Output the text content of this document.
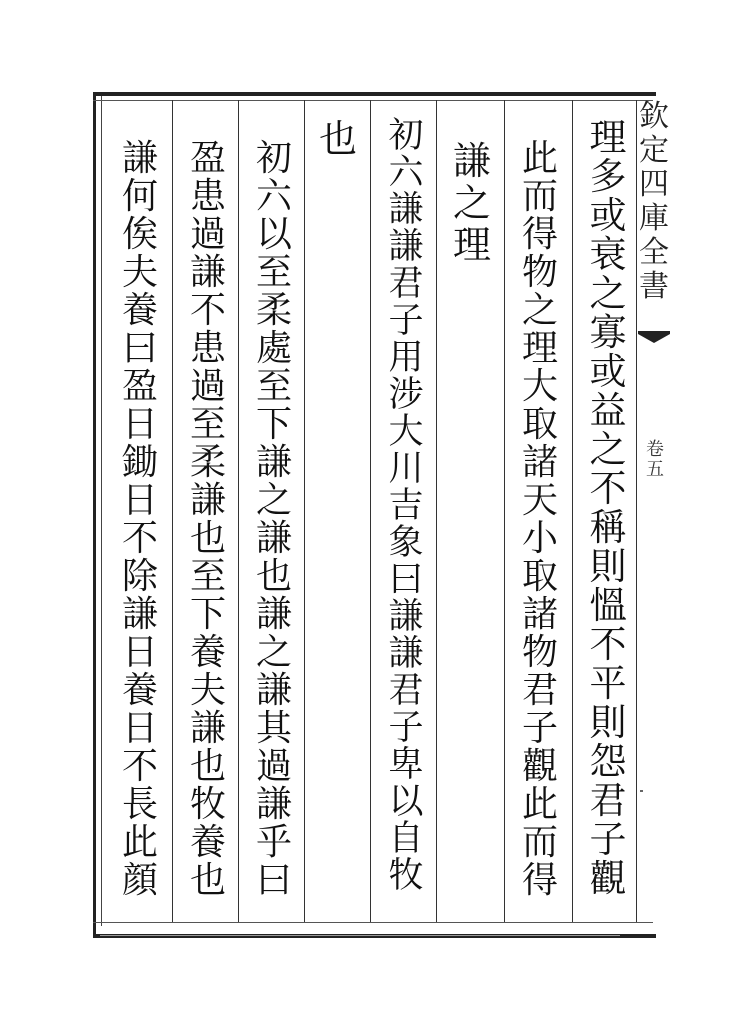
欽
定
四
庫
全
書
卷
五
理
多
或
衰
之
寡
或
益
之
不
稱
則
慍
不
平
則
怨
君
子
觀
此
而
得
物
之
理
大
取
諸
天
小
取
諸
物
君
子
觀
此
而
得
謙
之
理
初
六
謙
謙
君
子
用
涉
大
川
吉
象
曰
謙
謙
君
子
卑
以
自
牧
也
初
六
以
至
柔
處
至
下
謙
之
謙
也
謙
之
謙
其
過
謙
乎
曰
盈
患
過
謙
不
患
過
至
柔
謙
也
至
下
養
夫
謙
也
牧
養
也
謙
何
俟
夫
養
曰
盈
日
鋤
日
不
除
謙
日
養
日
不
長
此
顔
